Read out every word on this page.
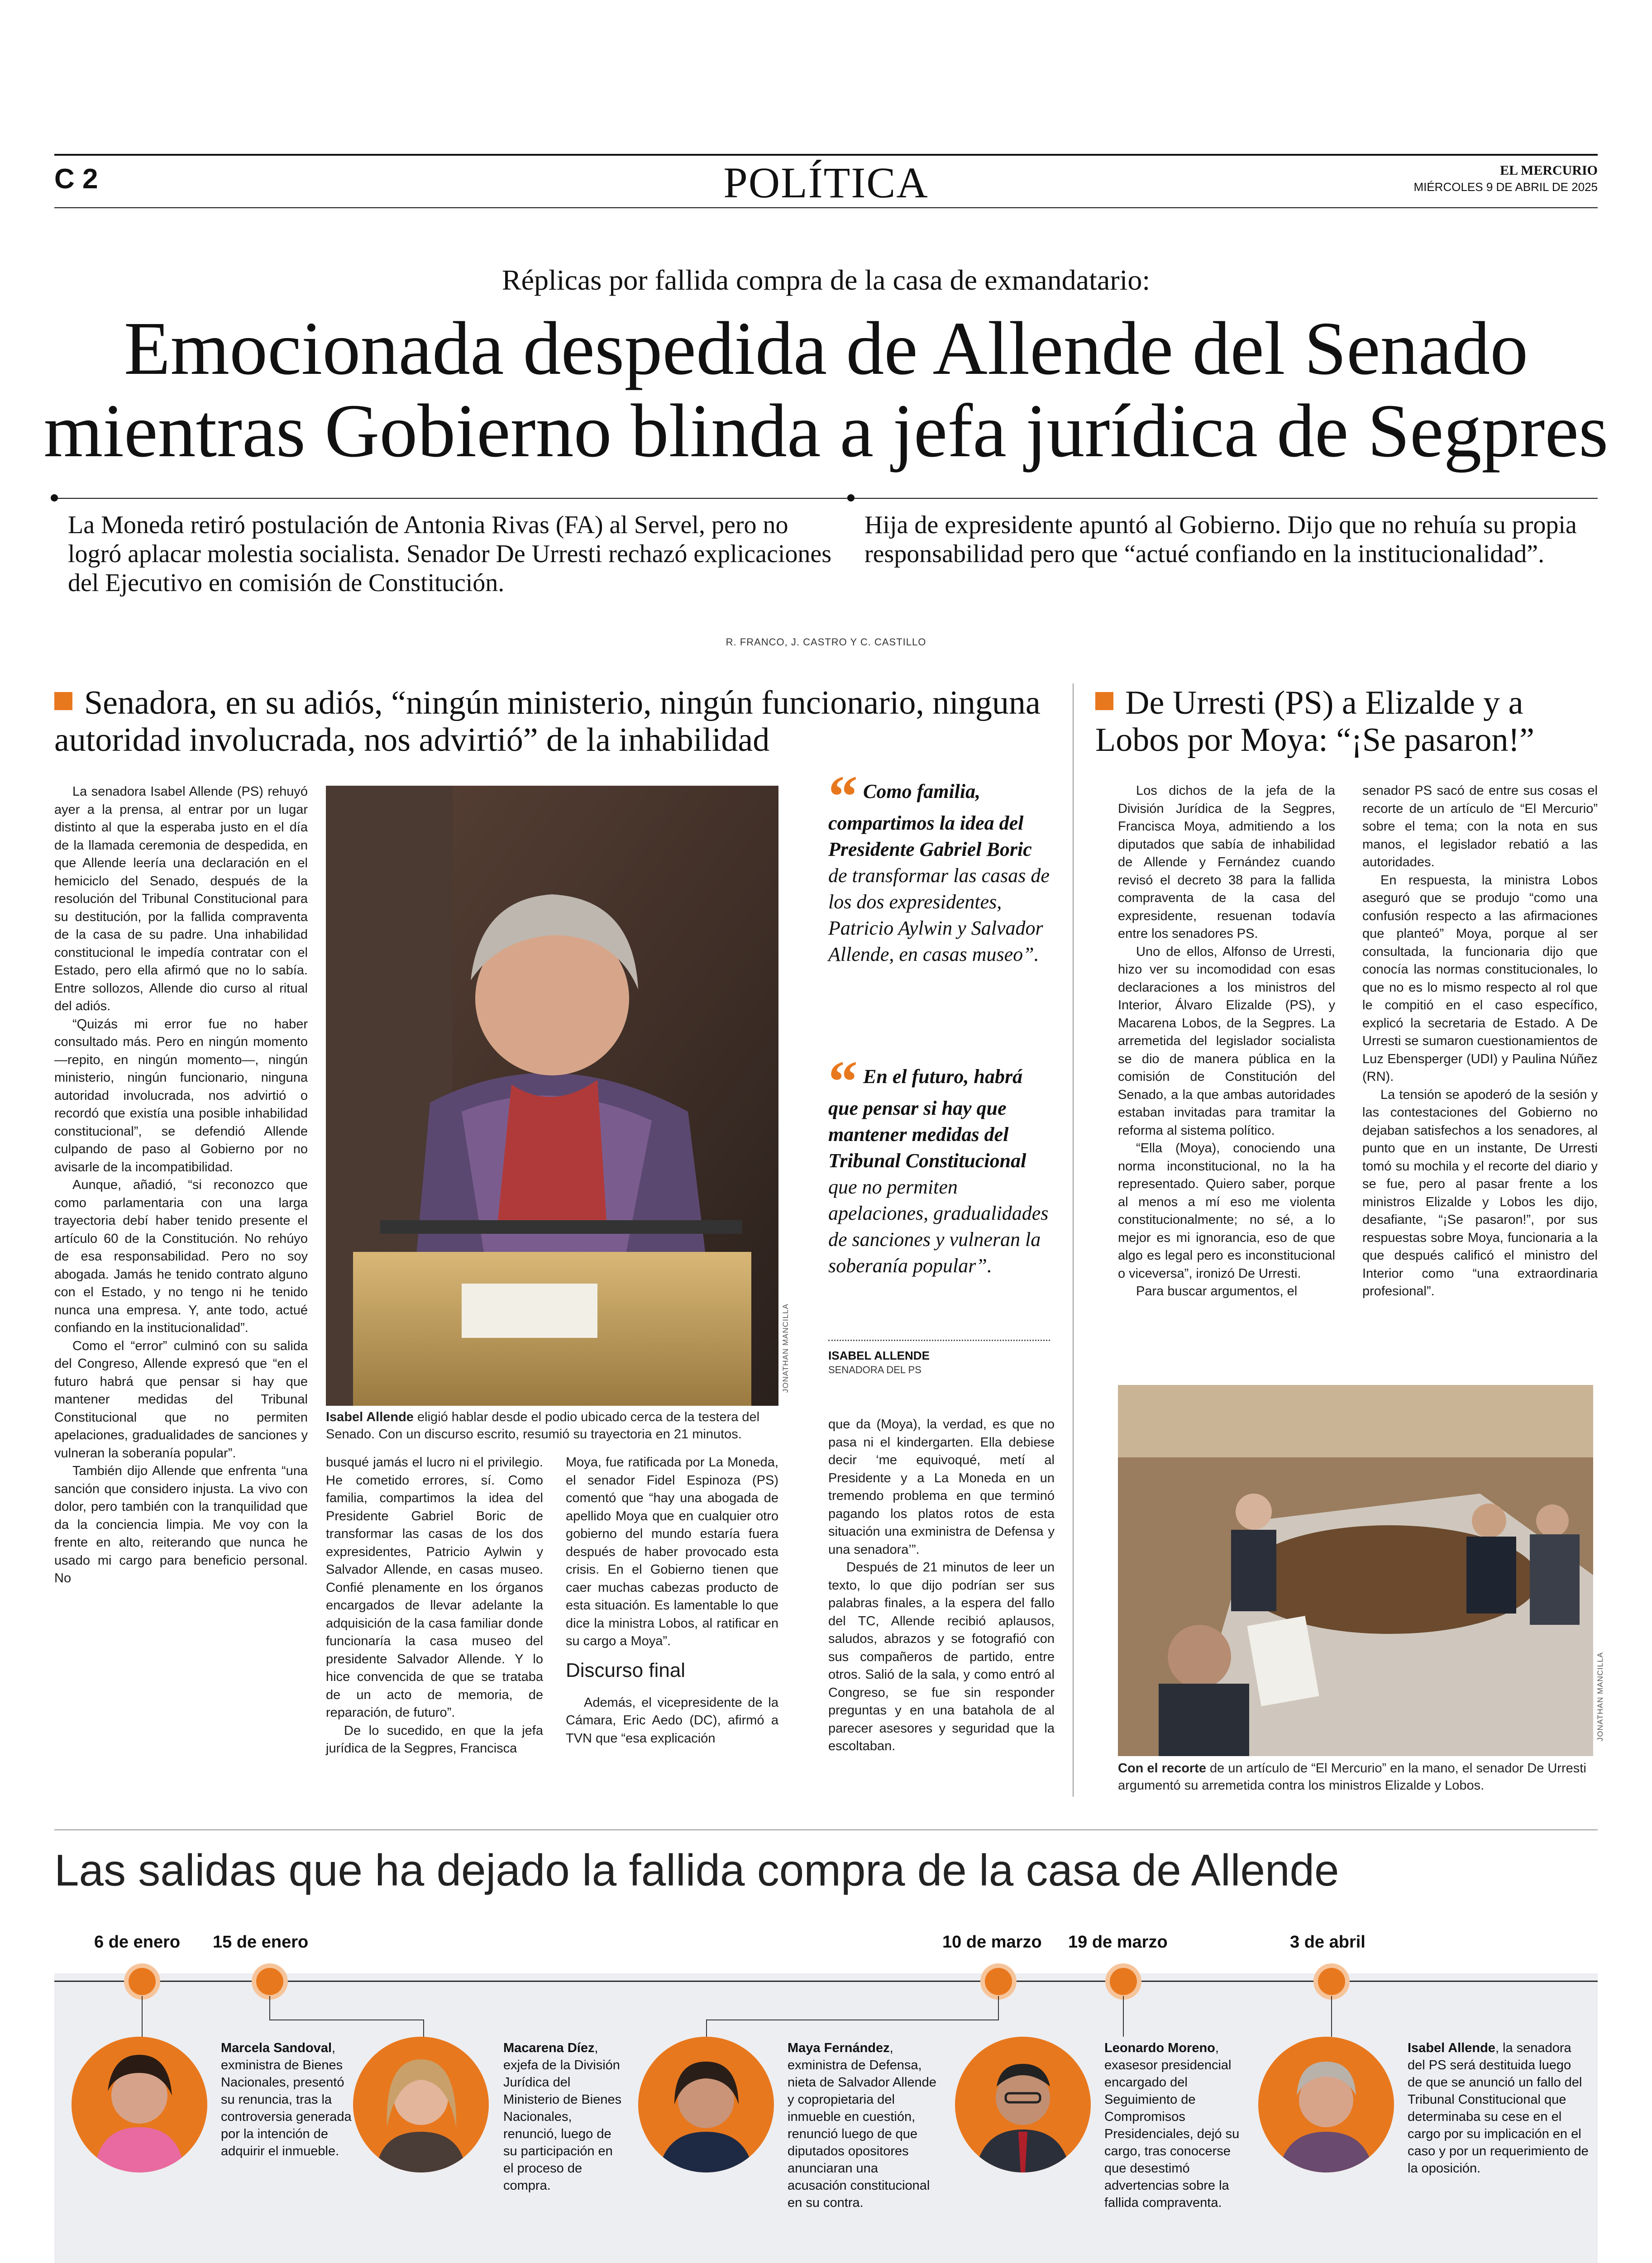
C 2	POLÍTICA	EL MERCURIO
MIÉRCOLES 9 DE ABRIL DE 2025
Réplicas por fallida compra de la casa de exmandatario:
Emocionada despedida de Allende del Senado
mientras Gobierno blinda a jefa jurídica de Segpres
La Moneda retiró postulación de Antonia Rivas (FA) al Servel, pero no logró aplacar molestia socialista. Senador De Urresti rechazó explicaciones del Ejecutivo en comisión de Constitución.
Hija de expresidente apuntó al Gobierno. Dijo que no rehuía su propia responsabilidad pero que “actué confiando en la institucionalidad”.
R. FRANCO, J. CASTRO Y C. CASTILLO
Senadora, en su adiós, “ningún ministerio, ningún funcionario, ninguna autoridad involucrada, nos advirtió” de la inhabilidad

La senadora Isabel Allende (PS) rehuyó ayer a la prensa, al entrar por un lugar distinto al que la esperaba justo en el día de la llamada ceremonia de despedida, en que Allende leería una declaración en el hemiciclo del Senado, después de la resolución del Tribunal Constitucional para su destitución, por la fallida compraventa de la casa de su padre. Una inhabilidad constitucional le impedía contratar con el Estado, pero ella afirmó que no lo sabía. Entre sollozos, Allende dio curso al ritual del adiós.

“Quizás mi error fue no haber consultado más. Pero en ningún momento —repito, en ningún momento—, ningún ministerio, ningún funcionario, ninguna autoridad involucrada, nos advirtió o recordó que existía una posible inhabilidad constitucional”, se defendió Allende culpando de paso al Gobierno por no avisarle de la incompatibilidad.

Aunque, añadió, “si reconozco que como parlamentaria con una larga trayectoria debí haber tenido presente el artículo 60 de la Constitución. No rehúyo de esa responsabilidad. Pero no soy abogada. Jamás he tenido contrato alguno con el Estado, y no tengo ni he tenido nunca una empresa. Y, ante todo, actué confiando en la institucionalidad”.

Como el “error” culminó con su salida del Congreso, Allende expresó que “en el futuro habrá que pensar si hay que mantener medidas del Tribunal Constitucional que no permiten apelaciones, gradualidades de sanciones y vulneran la soberanía popular”.

También dijo Allende que enfrenta “una sanción que considero injusta. La vivo con dolor, pero también con la tranquilidad que da la conciencia limpia. Me voy con la frente en alto, reiterando que nunca he usado mi cargo para beneficio personal. No

JONATHAN MANCILLA
Isabel Allende eligió hablar desde el podio ubicado cerca de la testera del Senado. Con un discurso escrito, resumió su trayectoria en 21 minutos.

busqué jamás el lucro ni el privilegio. He cometido errores, sí. Como familia, compartimos la idea del Presidente Gabriel Boric de transformar las casas de los dos expresidentes, Patricio Aylwin y Salvador Allende, en casas museo. Confié plenamente en los órganos encargados de llevar adelante la adquisición de la casa familiar donde funcionaría la casa museo del presidente Salvador Allende. Y lo hice convencida de que se trataba de un acto de memoria, de reparación, de futuro”.

De lo sucedido, en que la jefa jurídica de la Segpres, Francisca

Moya, fue ratificada por La Moneda, el senador Fidel Espinoza (PS) comentó que “hay una abogada de apellido Moya que en cualquier otro gobierno del mundo estaría fuera después de haber provocado esta crisis. En el Gobierno tienen que caer muchas cabezas producto de esta situación. Es lamentable lo que dice la ministra Lobos, al ratificar en su cargo a Moya”.

Discurso final

Además, el vicepresidente de la Cámara, Eric Aedo (DC), afirmó a TVN que “esa explicación

“ Como familia, compartimos la idea del Presidente Gabriel Boric de transformar las casas de los dos expresidentes, Patricio Aylwin y Salvador Allende, en casas museo”.
“ En el futuro, habrá que pensar si hay que mantener medidas del Tribunal Constitucional que no permiten apelaciones, gradualidades de sanciones y vulneran la soberanía popular”.
ISABEL ALLENDE
SENADORA DEL PS

que da (Moya), la verdad, es que no pasa ni el kindergarten. Ella debiese decir ‘me equivoqué, metí al Presidente y a La Moneda en un tremendo problema en que terminó pagando los platos rotos de esta situación una exministra de Defensa y una senadora’”.

Después de 21 minutos de leer un texto, lo que dijo podrían ser sus palabras finales, a la espera del fallo del TC, Allende recibió aplausos, saludos, abrazos y se fotografió con sus compañeros de partido, entre otros. Salió de la sala, y como entró al Congreso, se fue sin responder preguntas y en una batahola de al parecer asesores y seguridad que la escoltaban.

De Urresti (PS) a Elizalde y a Lobos por Moya: “¡Se pasaron!”

Los dichos de la jefa de la División Jurídica de la Segpres, Francisca Moya, admitiendo a los diputados que sabía de inhabilidad de Allende y Fernández cuando revisó el decreto 38 para la fallida compraventa de la casa del expresidente, resuenan todavía entre los senadores PS.

Uno de ellos, Alfonso de Urresti, hizo ver su incomodidad con esas declaraciones a los ministros del Interior, Álvaro Elizalde (PS), y Macarena Lobos, de la Segpres. La arremetida del legislador socialista se dio de manera pública en la comisión de Constitución del Senado, a la que ambas autoridades estaban invitadas para tramitar la reforma al sistema político.

“Ella (Moya), conociendo una norma inconstitucional, no la ha representado. Quiero saber, porque al menos a mí eso me violenta constitucionalmente; no sé, a lo mejor es mi ignorancia, eso de que algo es legal pero es inconstitucional o viceversa”, ironizó De Urresti.

Para buscar argumentos, el

senador PS sacó de entre sus cosas el recorte de un artículo de “El Mercurio” sobre el tema; con la nota en sus manos, el legislador rebatió a las autoridades.

En respuesta, la ministra Lobos aseguró que se produjo “como una confusión respecto a las afirmaciones que planteó” Moya, porque al ser consultada, la funcionaria dijo que conocía las normas constitucionales, lo que no es lo mismo respecto al rol que le compitió en el caso específico, explicó la secretaria de Estado. A De Urresti se sumaron cuestionamientos de Luz Ebensperger (UDI) y Paulina Núñez (RN).

La tensión se apoderó de la sesión y las contestaciones del Gobierno no dejaban satisfechos a los senadores, al punto que en un instante, De Urresti tomó su mochila y el recorte del diario y se fue, pero al pasar frente a los ministros Elizalde y Lobos les dijo, desafiante, “¡Se pasaron!”, por sus respuestas sobre Moya, funcionaria a la que después calificó el ministro del Interior como “una extraordinaria profesional”.

JONATHAN MANCILLA
Con el recorte de un artículo de “El Mercurio” en la mano, el senador De Urresti argumentó su arremetida contra los ministros Elizalde y Lobos.
Las salidas que ha dejado la fallida compra de la casa de Allende
6 de enero 15 de enero	10 de marzo 19 de marzo	3 de abril
Marcela Sandoval, exministra de Bienes Nacionales, presentó su renuncia, tras la controversia generada por la intención de adquirir el inmueble.
Macarena Díez, exjefa de la División Jurídica del Ministerio de Bienes Nacionales, renunció, luego de su participación en el proceso de compra.
Maya Fernández, exministra de Defensa, nieta de Salvador Allende y copropietaria del inmueble en cuestión, renunció luego de que diputados opositores anunciaran una acusación constitucional en su contra.
Leonardo Moreno, exasesor presidencial encargado del Seguimiento de Compromisos Presidenciales, dejó su cargo, tras conocerse que desestimó advertencias sobre la fallida compraventa.
Isabel Allende, la senadora del PS será destituida luego de que se anunció un fallo del Tribunal Constitucional que determinaba su cese en el cargo por su implicación en el caso y por un requerimiento de la oposición.
